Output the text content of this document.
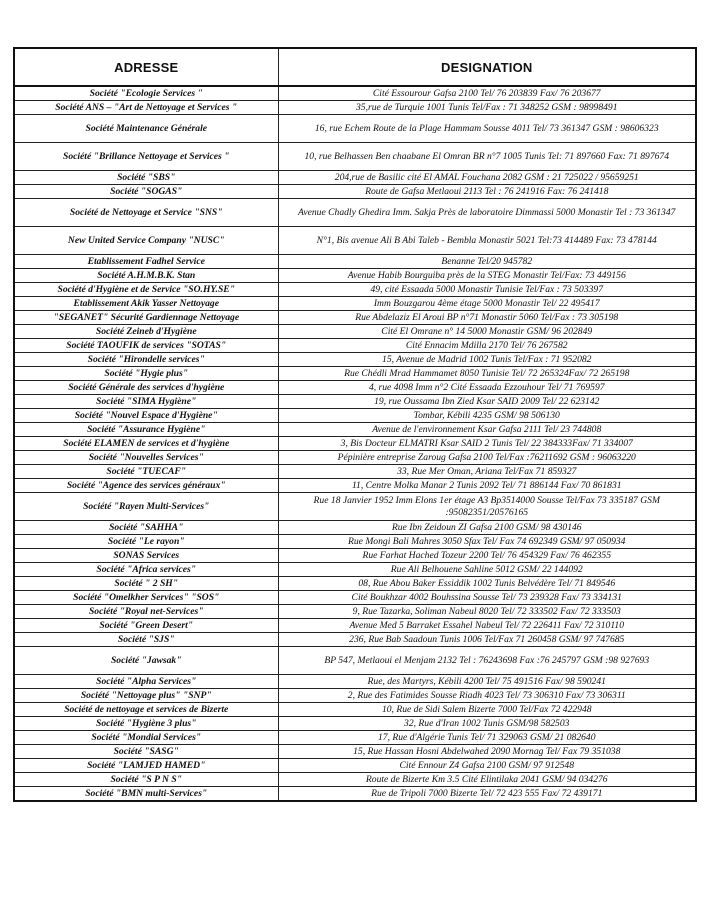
ADRESSE	DESIGNATION
Société "Ecologie Services "	Cité Essourour Gafsa 2100 Tel/ 76 203839 Fax/ 76 203677
Société ANS – "Art de Nettoyage et Services "	35,rue de Turquie 1001 Tunis Tel/Fax : 71 348252 GSM : 98998491
Société Maintenance Générale	16, rue Echem Route de la Plage Hammam Sousse 4011 Tel/ 73 361347 GSM : 98606323
Société "Brillance Nettoyage et Services "	10, rue Belhassen Ben chaabane El Omran BR n°7 1005 Tunis Tel: 71 897660 Fax: 71 897674
Société "SBS"	204,rue de Basilic cité El AMAL Fouchana 2082 GSM : 21 725022 / 95659251
Société "SOGAS"	Route de Gafsa Metlaoui 2113 Tel : 76 241916 Fax: 76 241418
Société de Nettoyage et Service "SNS"	Avenue Chadly Ghedira Imm. Sakja Près de laboratoire Dimmassi 5000 Monastir Tel : 73 361347
New United Service Company "NUSC"	N°1, Bis avenue Ali B Abi Taleb - Bembla Monastir 5021 Tel:73 414489 Fax: 73 478144
Etablissement Fadhel Service	Benanne Tel/20 945782
Société A.H.M.B.K. Stan	Avenue Habib Bourguiba près de la STEG Monastir Tel/Fax: 73 449156
Société d'Hygiène et de Service "SO.HY.SE"	49, cité Essaada 5000 Monastir Tunisie Tel/Fax : 73 503397
Etablissement Akik Yasser Nettoyage	Imm Bouzgarou 4ème étage 5000 Monastir Tel/ 22 495417
"SEGANET" Sécurité Gardiennage Nettoyage	Rue Abdelaziz El Aroui BP n°71 Monastir 5060 Tel/Fax : 73 305198
Société Zeineb d'Hygiène	Cité El Omrane n° 14 5000 Monastir GSM/ 96 202849
Société TAOUFIK de services "SOTAS"	Cité Ennacim Mdilla 2170 Tel/ 76 267582
Société "Hirondelle services"	15, Avenue de Madrid 1002 Tunis Tel/Fax : 71 952082
Société "Hygie plus"	Rue Chédli Mrad Hammamet 8050 Tunisie Tel/ 72 265324Fax/ 72 265198
Société Générale des services d'hygiène	4, rue 4098 Imm n°2 Cité Essaada Ezzouhour Tel/ 71 769597
Société "SIMA Hygiène"	19, rue Oussama Ibn Zied Ksar SAID 2009 Tel/ 22 623142
Société "Nouvel Espace d'Hygiène"	Tombar, Kébili 4235 GSM/ 98 506130
Société "Assurance Hygiène"	Avenue de l'environnement Ksar Gafsa 2111 Tel/ 23 744808
Société ELAMEN de services et d'hygiène	3, Bis Docteur ELMATRI Ksar SAID 2 Tunis Tel/ 22 384333Fax/ 71 334007
Société "Nouvelles Services"	Pépinière entreprise Zaroug Gafsa 2100 Tel/Fax :76211692 GSM : 96063220
Société "TUECAF"	33, Rue Mer Oman, Ariana Tel/Fax 71 859327
Société "Agence des services généraux"	11, Centre Molka Manar 2 Tunis 2092 Tel/ 71 886144 Fax/ 70 861831
Société "Rayen Multi-Services"	Rue 18 Janvier 1952 Imm Elons 1er étage A3 Bp3514000 Sousse Tel/Fax 73 335187 GSM :95082351/20576165
Société "SAHHA"	Rue Ibn Zeidoun ZI Gafsa 2100 GSM/ 98 430146
Société "Le rayon"	Rue Mongi Bali Mahres 3050 Sfax Tel/ Fax 74 692349 GSM/ 97 050934
SONAS Services	Rue Farhat Hached Tozeur 2200 Tel/ 76 454329 Fax/ 76 462355
Société "Africa services"	Rue Ali Belhouene Sahline 5012 GSM/ 22 144092
Société " 2 SH"	08, Rue Abou Baker Essiddik 1002 Tunis Belvédère Tel/ 71 849546
Société "Omelkher Services" "SOS"	Cité Boukhzar 4002 Bouhssina Sousse Tel/ 73 239328 Fax/ 73 334131
Société "Royal net-Services"	9, Rue Tazarka, Soliman Nabeul 8020 Tel/ 72 333502 Fax/ 72 333503
Société "Green Desert"	Avenue Med 5 Barraket Essahel Nabeul Tel/ 72 226411 Fax/ 72 310110
Société "SJS"	236, Rue Bab Saadoun Tunis 1006 Tel/Fax 71 260458 GSM/ 97 747685
Société "Jawsak"	BP 547, Metlaoui el Menjam 2132 Tel : 76243698 Fax :76 245797 GSM :98 927693
Société "Alpha Services"	Rue, des Martyrs, Kébili 4200 Tel/ 75 491516 Fax/ 98 590241
Société "Nettoyage plus" "SNP"	2, Rue des Fatimides Sousse Riadh 4023 Tel/ 73 306310 Fax/ 73 306311
Société de nettoyage et services de Bizerte	10, Rue de Sidi Salem Bizerte 7000 Tel/Fax 72 422948
Société "Hygiène 3 plus"	32, Rue d'Iran 1002 Tunis GSM/98 582503
Société "Mondial Services"	17, Rue d'Algérie Tunis Tel/ 71 329063 GSM/ 21 082640
Société "SASG"	15, Rue Hassan Hosni Abdelwahed 2090 Mornag Tel/ Fax 79 351038
Société "LAMJED HAMED"	Cité Ennour Z4 Gafsa 2100 GSM/ 97 912548
Société "S P N S"	Route de Bizerte Km 3.5 Cité Elintilaka 2041 GSM/ 94 034276
Société "BMN multi-Services"	Rue de Tripoli 7000 Bizerte Tel/ 72 423 555 Fax/ 72 439171
